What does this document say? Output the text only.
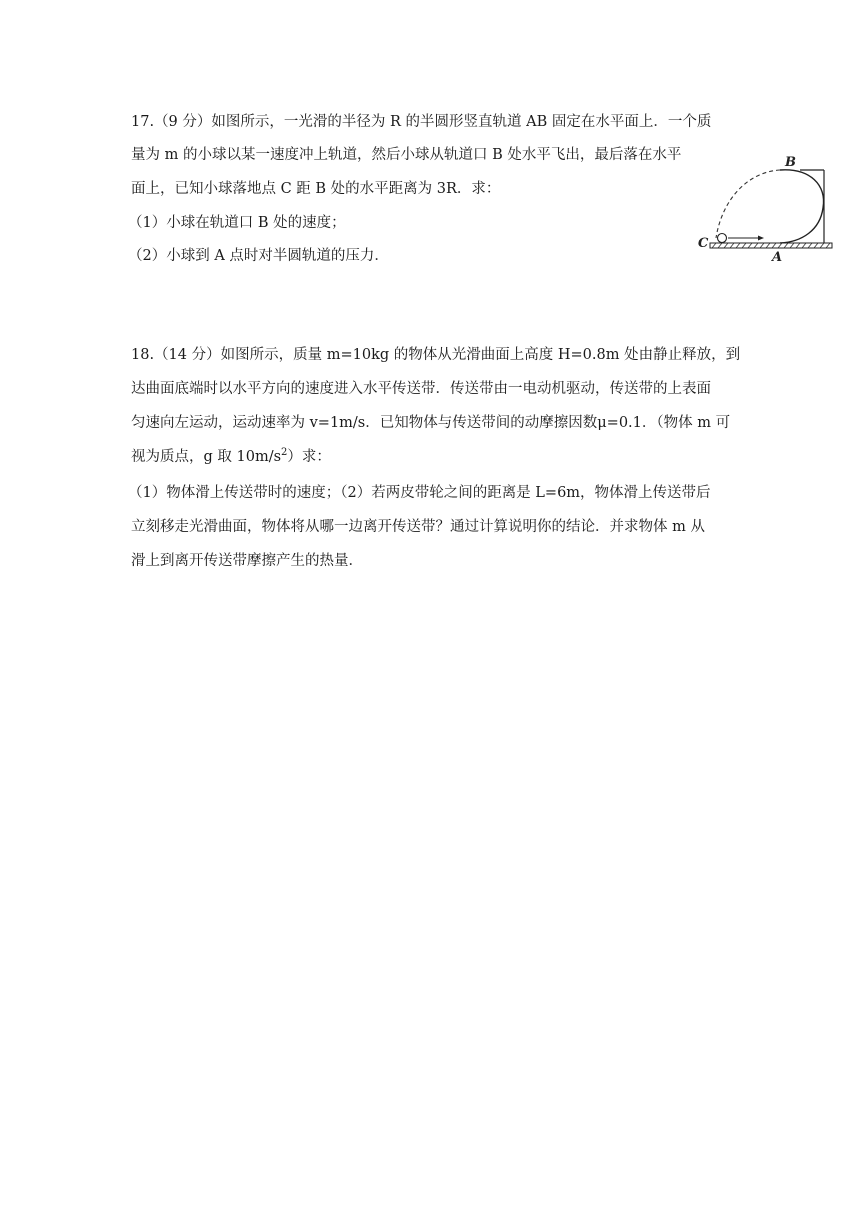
17.（9 分）如图所示，一光滑的半径为 R 的半圆形竖直轨道 AB 固定在水平面上．一个质
量为 m 的小球以某一速度冲上轨道，然后小球从轨道口 B 处水平飞出，最后落在水平
面上，已知小球落地点 C 距 B 处的水平距离为 3R．求：
（1）小球在轨道口 B 处的速度；
（2）小球到 A 点时对半圆轨道的压力．
B
C
A
18.（14 分）如图所示，质量 m=10kg 的物体从光滑曲面上高度 H=0.8m 处由静止释放，到
达曲面底端时以水平方向的速度进入水平传送带．传送带由一电动机驱动，传送带的上表面
匀速向左运动，运动速率为 v=1m/s．已知物体与传送带间的动摩擦因数μ=0.1．（物体 m 可
视为质点，g 取 $10m/s^2$）求：
（1）物体滑上传送带时的速度；（2）若两皮带轮之间的距离是 L=6m，物体滑上传送带后
立刻移走光滑曲面，物体将从哪一边离开传送带？通过计算说明你的结论．并求物体 m 从
滑上到离开传送带摩擦产生的热量．
